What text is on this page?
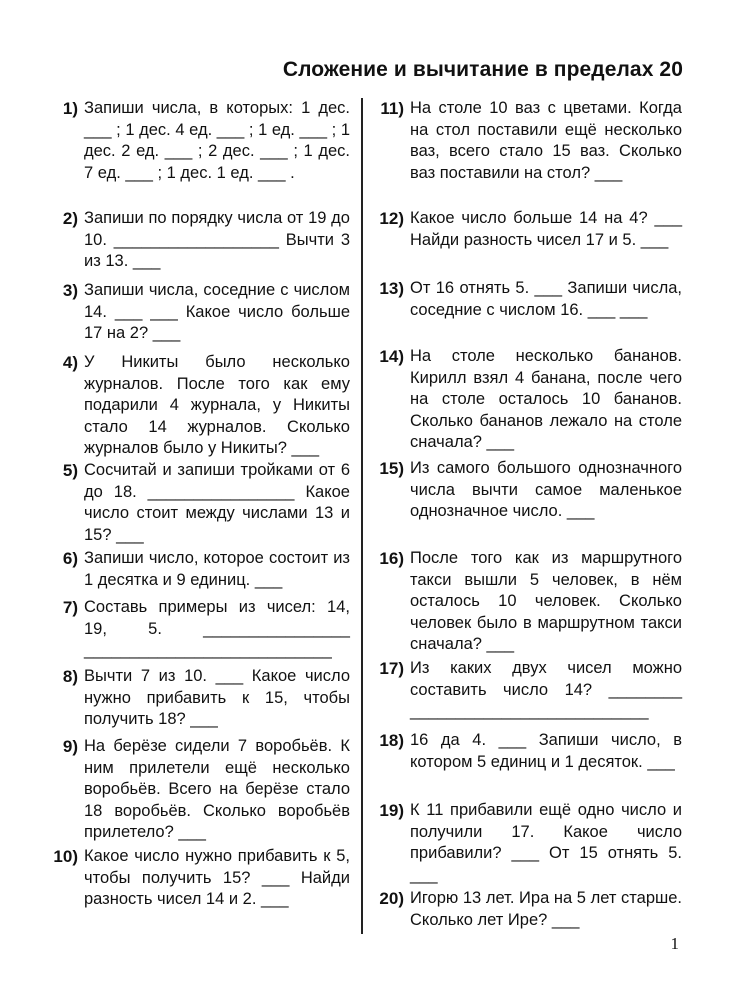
Сложение и вычитание в пределах 20
1) Запиши числа, в которых: 1 дес. ___ ; 1 дес. 4 ед. ___ ; 1 ед. ___ ; 1 дес. 2 ед. ___ ; 2 дес. ___ ; 1 дес. 7 ед. ___ ; 1 дес. 1 ед. ___ .
2) Запиши по порядку числа от 19 до 10. __________________ Вычти 3 из 13. ___
3) Запиши числа, соседние с числом 14. ___ ___ Какое число больше 17 на 2? ___
4) У Никиты было несколько журналов. После того как ему подарили 4 журнала, у Никиты стало 14 журналов. Сколько журналов было у Никиты? ___
5) Сосчитай и запиши тройками от 6 до 18. ________________ Какое число стоит между числами 13 и 15? ___
6) Запиши число, которое состоит из 1 десятка и 9 единиц. ___
7) Составь примеры из чисел: 14, 19, 5. ________________ ___________________________
8) Вычти 7 из 10. ___ Какое число нужно прибавить к 15, чтобы получить 18? ___
9) На берёзе сидели 7 воробьёв. К ним прилетели ещё несколько воробьёв. Всего на берёзе стало 18 воробьёв. Сколько воробьёв прилетело? ___
10) Какое число нужно прибавить к 5, чтобы получить 15? ___ Найди разность чисел 14 и 2. ___
11) На столе 10 ваз с цветами. Когда на стол поставили ещё несколько ваз, всего стало 15 ваз. Сколько ваз поставили на стол? ___
12) Какое число больше 14 на 4? ___ Найди разность чисел 17 и 5. ___
13) От 16 отнять 5. ___ Запиши числа, соседние с числом 16. ___ ___
14) На столе несколько бананов. Кирилл взял 4 банана, после чего на столе осталось 10 бананов. Сколько бананов лежало на столе сначала? ___
15) Из самого большого однозначного числа вычти самое маленькое однозначное число. ___
16) После того как из маршрутного такси вышли 5 человек, в нём осталось 10 человек. Сколько человек было в маршрутном такси сначала? ___
17) Из каких двух чисел можно составить число 14? ________ __________________________
18) 16 да 4. ___ Запиши число, в котором 5 единиц и 1 десяток. ___
19) К 11 прибавили ещё одно число и получили 17. Какое число прибавили? ___ От 15 отнять 5. ___
20) Игорю 13 лет. Ира на 5 лет старше. Сколько лет Ире? ___
1
